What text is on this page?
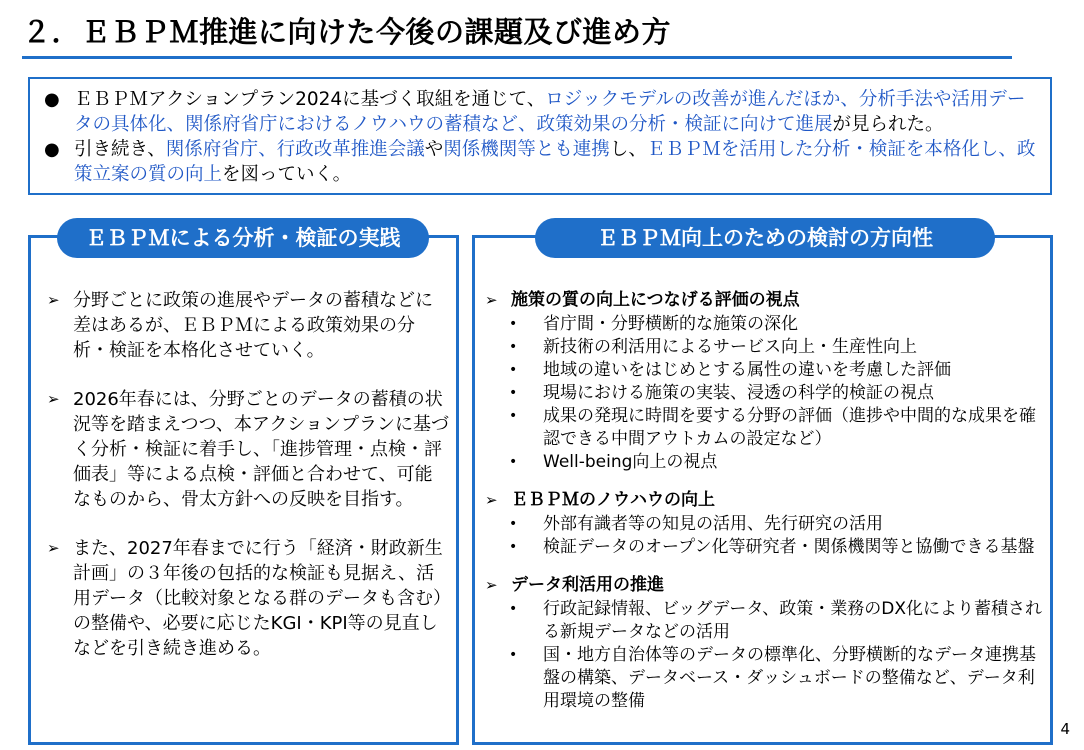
２．ＥＢＰＭ推進に向けた今後の課題及び進め方
● ＥＢＰＭアクションプラン2024に基づく取組を通じて、ロジックモデルの改善が進んだほか、分析手法や活用データの具体化、関係府省庁におけるノウハウの蓄積など、政策効果の分析・検証に向けて進展が見られた。
● 引き続き、関係府省庁、行政改革推進会議や関係機関等とも連携し、ＥＢＰＭを活用した分析・検証を本格化し、政策立案の質の向上を図っていく。
ＥＢＰＭによる分析・検証の実践
➢ 分野ごとに政策の進展やデータの蓄積などに差はあるが、ＥＢＰＭによる政策効果の分析・検証を本格化させていく。
➢ 2026年春には、分野ごとのデータの蓄積の状況等を踏まえつつ、本アクションプランに基づく分析・検証に着手し、「進捗管理・点検・評価表」等による点検・評価と合わせて、可能なものから、骨太方針への反映を目指す。
➢ また、2027年春までに行う「経済・財政新生計画」の３年後の包括的な検証も見据え、活用データ（比較対象となる群のデータも含む）の整備や、必要に応じたKGI・KPI等の見直しなどを引き続き進める。
ＥＢＰＭ向上のための検討の方向性
➢ 施策の質の向上につなげる評価の視点
•	省庁間・分野横断的な施策の深化
•	新技術の利活用によるサービス向上・生産性向上
•	地域の違いをはじめとする属性の違いを考慮した評価
•	現場における施策の実装、浸透の科学的検証の視点
•	成果の発現に時間を要する分野の評価（進捗や中間的な成果を確認できる中間アウトカムの設定など）
•	Well-being向上の視点
➢ ＥＢＰＭのノウハウの向上
•	外部有識者等の知見の活用、先行研究の活用
•	検証データのオープン化等研究者・関係機関等と協働できる基盤
➢ データ利活用の推進
•	行政記録情報、ビッグデータ、政策・業務のDX化により蓄積される新規データなどの活用
•	国・地方自治体等のデータの標準化、分野横断的なデータ連携基盤の構築、データベース・ダッシュボードの整備など、データ利用環境の整備
4
